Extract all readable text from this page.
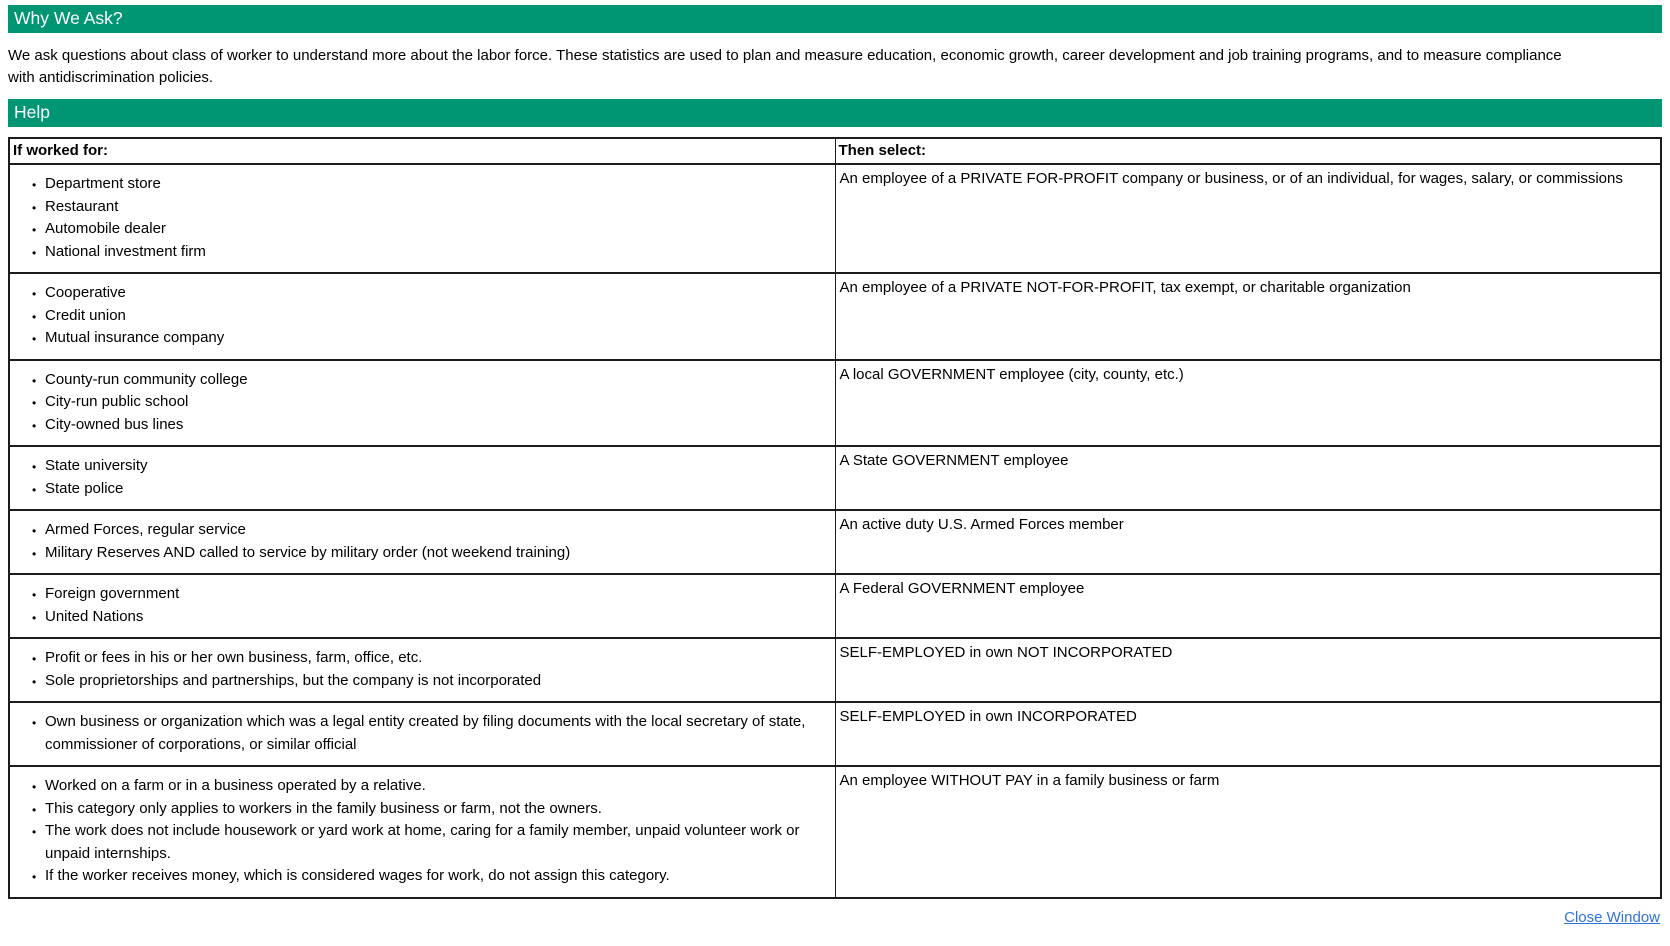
Why We Ask?

We ask questions about class of worker to understand more about the labor force. These statistics are used to plan and measure education, economic growth, career development and job training programs, and to measure compliance with antidiscrimination policies.

Help
If worked for:	Then select:

• Department store
• Restaurant
• Automobile dealer
• National investment firm
	An employee of a PRIVATE FOR-PROFIT company or business, or of an individual, for wages, salary, or commissions

• Cooperative
• Credit union
• Mutual insurance company
	An employee of a PRIVATE NOT-FOR-PROFIT, tax exempt, or charitable organization

• County-run community college
• City-run public school
• City-owned bus lines
	A local GOVERNMENT employee (city, county, etc.)

• State university
• State police
	A State GOVERNMENT employee

• Armed Forces, regular service
• Military Reserves AND called to service by military order (not weekend training)
	An active duty U.S. Armed Forces member

• Foreign government
• United Nations
	A Federal GOVERNMENT employee

• Profit or fees in his or her own business, farm, office, etc.
• Sole proprietorships and partnerships, but the company is not incorporated
	SELF-EMPLOYED in own NOT INCORPORATED

• Own business or organization which was a legal entity created by filing documents with the local secretary of state, commissioner of corporations, or similar official
	SELF-EMPLOYED in own INCORPORATED

• Worked on a farm or in a business operated by a relative.
• This category only applies to workers in the family business or farm, not the owners.
• The work does not include housework or yard work at home, caring for a family member, unpaid volunteer work or unpaid internships.
• If the worker receives money, which is considered wages for work, do not assign this category.
	An employee WITHOUT PAY in a family business or farm
Close Window
